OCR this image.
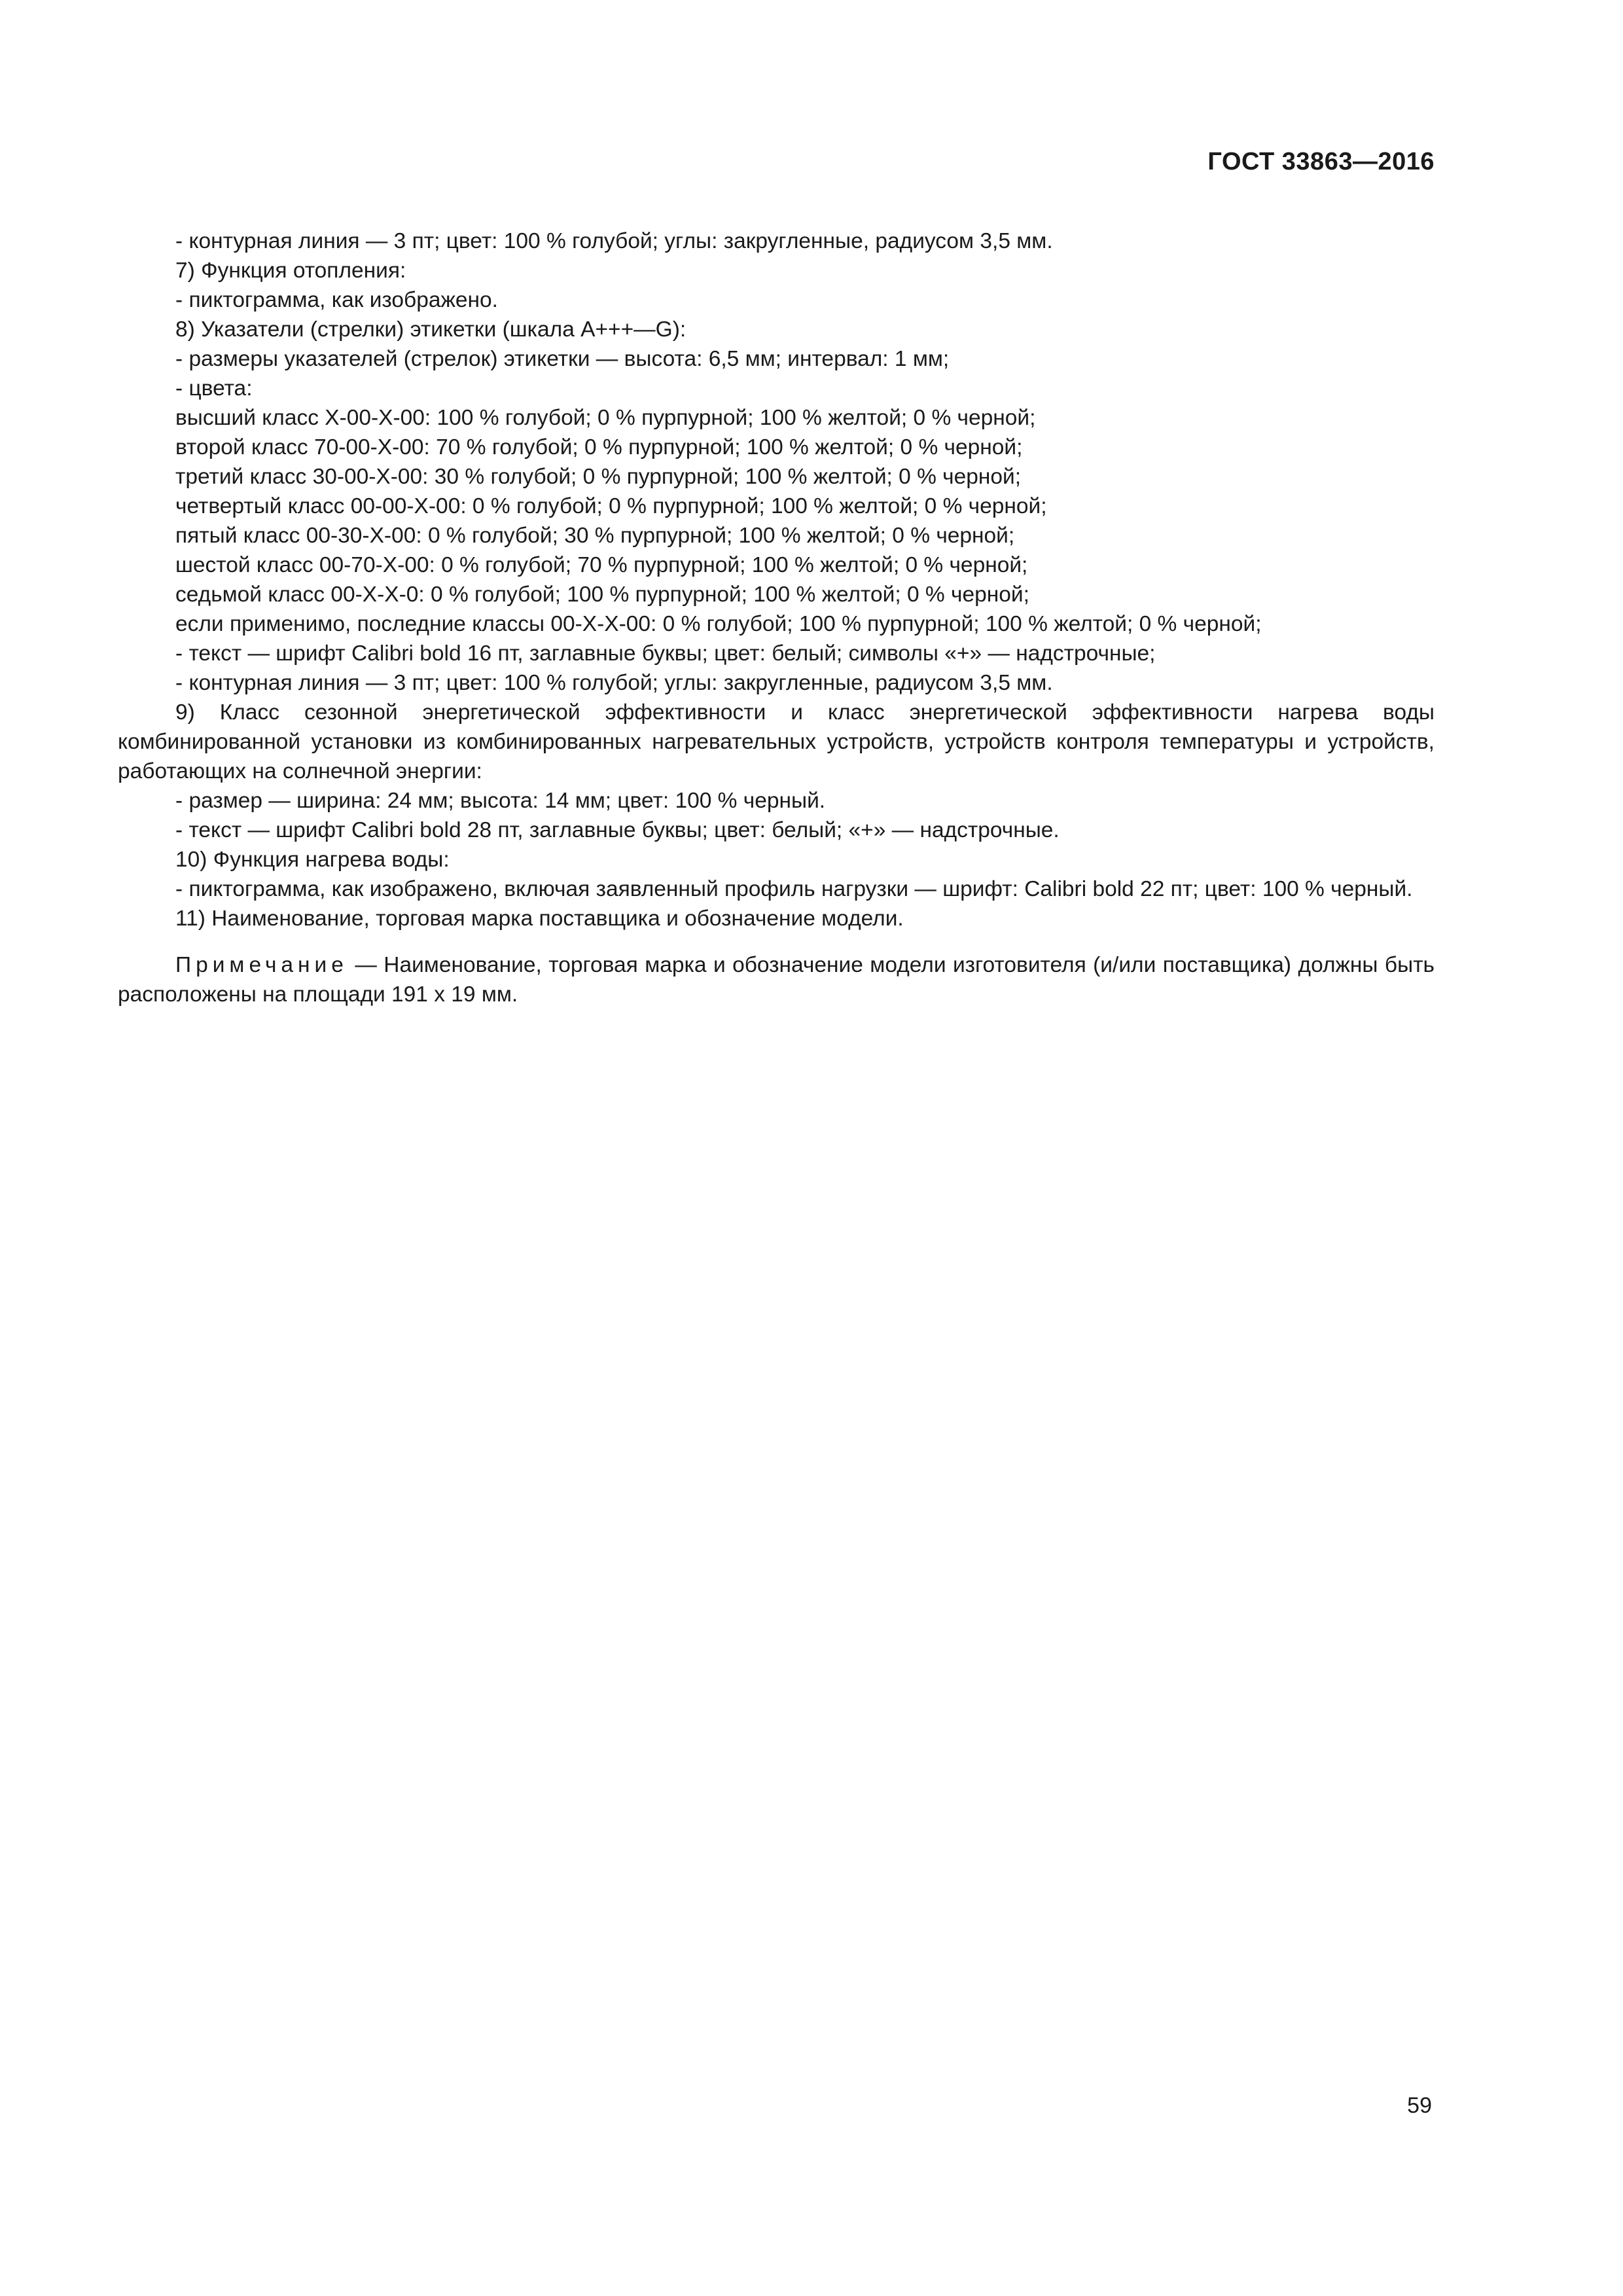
ГОСТ 33863—2016

- контурная линия — 3 пт; цвет: 100 % голубой; углы: закругленные, радиусом 3,5 мм.

7) Функция отопления:

- пиктограмма, как изображено.

8) Указатели (стрелки) этикетки (шкала A+++—G):

- размеры указателей (стрелок) этикетки — высота: 6,5 мм; интервал: 1 мм;

- цвета:

высший класс X-00-X-00: 100 % голубой; 0 % пурпурной; 100 % желтой; 0 % черной;

второй класс 70-00-X-00: 70 % голубой; 0 % пурпурной; 100 % желтой; 0 % черной;

третий класс 30-00-X-00: 30 % голубой; 0 % пурпурной; 100 % желтой; 0 % черной;

четвертый класс 00-00-X-00: 0 % голубой; 0 % пурпурной; 100 % желтой; 0 % черной;

пятый класс 00-30-X-00: 0 % голубой; 30 % пурпурной; 100 % желтой; 0 % черной;

шестой класс 00-70-X-00: 0 % голубой; 70 % пурпурной; 100 % желтой; 0 % черной;

седьмой класс 00-X-X-0: 0 % голубой; 100 % пурпурной; 100 % желтой; 0 % черной;

если применимо, последние классы 00-X-X-00: 0 % голубой; 100 % пурпурной; 100 % желтой; 0 % черной;

- текст — шрифт Calibri bold 16 пт, заглавные буквы; цвет: белый; символы «+» — надстрочные;

- контурная линия — 3 пт; цвет: 100 % голубой; углы: закругленные, радиусом 3,5 мм.

9) Класс сезонной энергетической эффективности и класс энергетической эффективности нагрева воды комбинированной установки из комбинированных нагревательных устройств, устройств контроля температуры и устройств, работающих на солнечной энергии:

- размер — ширина: 24 мм; высота: 14 мм; цвет: 100 % черный.

- текст — шрифт Calibri bold 28 пт, заглавные буквы; цвет: белый; «+» — надстрочные.

10) Функция нагрева воды:

- пиктограмма, как изображено, включая заявленный профиль нагрузки — шрифт: Calibri bold 22 пт; цвет: 100 % черный.

11) Наименование, торговая марка поставщика и обозначение модели.

Примечание — Наименование, торговая марка и обозначение модели изготовителя (и/или поставщика) должны быть расположены на площади 191 х 19 мм.

59
